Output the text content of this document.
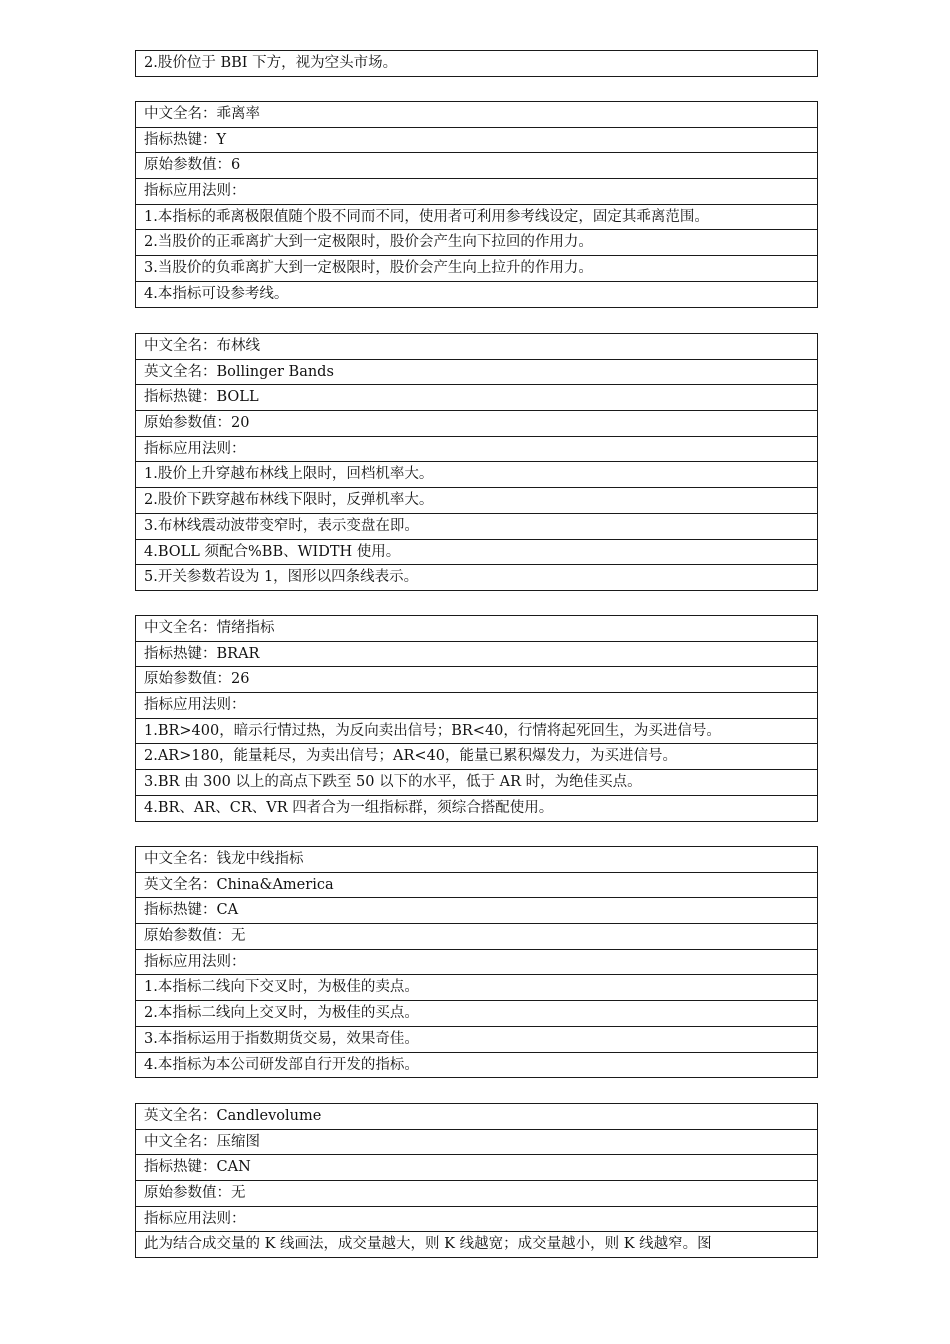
2.股价位于 BBI 下方，视为空头市场。
中文全名：乖离率
指标热键：Y
原始参数值：6
指标应用法则：
1.本指标的乖离极限值随个股不同而不同，使用者可利用参考线设定，固定其乖离范围。
2.当股价的正乖离扩大到一定极限时，股价会产生向下拉回的作用力。
3.当股价的负乖离扩大到一定极限时，股价会产生向上拉升的作用力。
4.本指标可设参考线。
中文全名：布林线
英文全名：Bollinger Bands
指标热键：BOLL
原始参数值：20
指标应用法则：
1.股价上升穿越布林线上限时，回档机率大。
2.股价下跌穿越布林线下限时，反弹机率大。
3.布林线震动波带变窄时，表示变盘在即。
4.BOLL 须配合%BB、WIDTH 使用。
5.开关参数若设为 1，图形以四条线表示。
中文全名：情绪指标
指标热键：BRAR
原始参数值：26
指标应用法则：
1.BR>400，暗示行情过热，为反向卖出信号；BR<40，行情将起死回生，为买进信号。
2.AR>180，能量耗尽，为卖出信号；AR<40，能量已累积爆发力，为买进信号。
3.BR 由 300 以上的高点下跌至 50 以下的水平，低于 AR 时，为绝佳买点。
4.BR、AR、CR、VR 四者合为一组指标群，须综合搭配使用。
中文全名：钱龙中线指标
英文全名：China&America
指标热键：CA
原始参数值：无
指标应用法则：
1.本指标二线向下交叉时，为极佳的卖点。
2.本指标二线向上交叉时，为极佳的买点。
3.本指标运用于指数期货交易，效果奇佳。
4.本指标为本公司研发部自行开发的指标。
英文全名：Candlevolume
中文全名：压缩图
指标热键：CAN
原始参数值：无
指标应用法则：
此为结合成交量的 K 线画法，成交量越大，则 K 线越宽；成交量越小，则 K 线越窄。图
